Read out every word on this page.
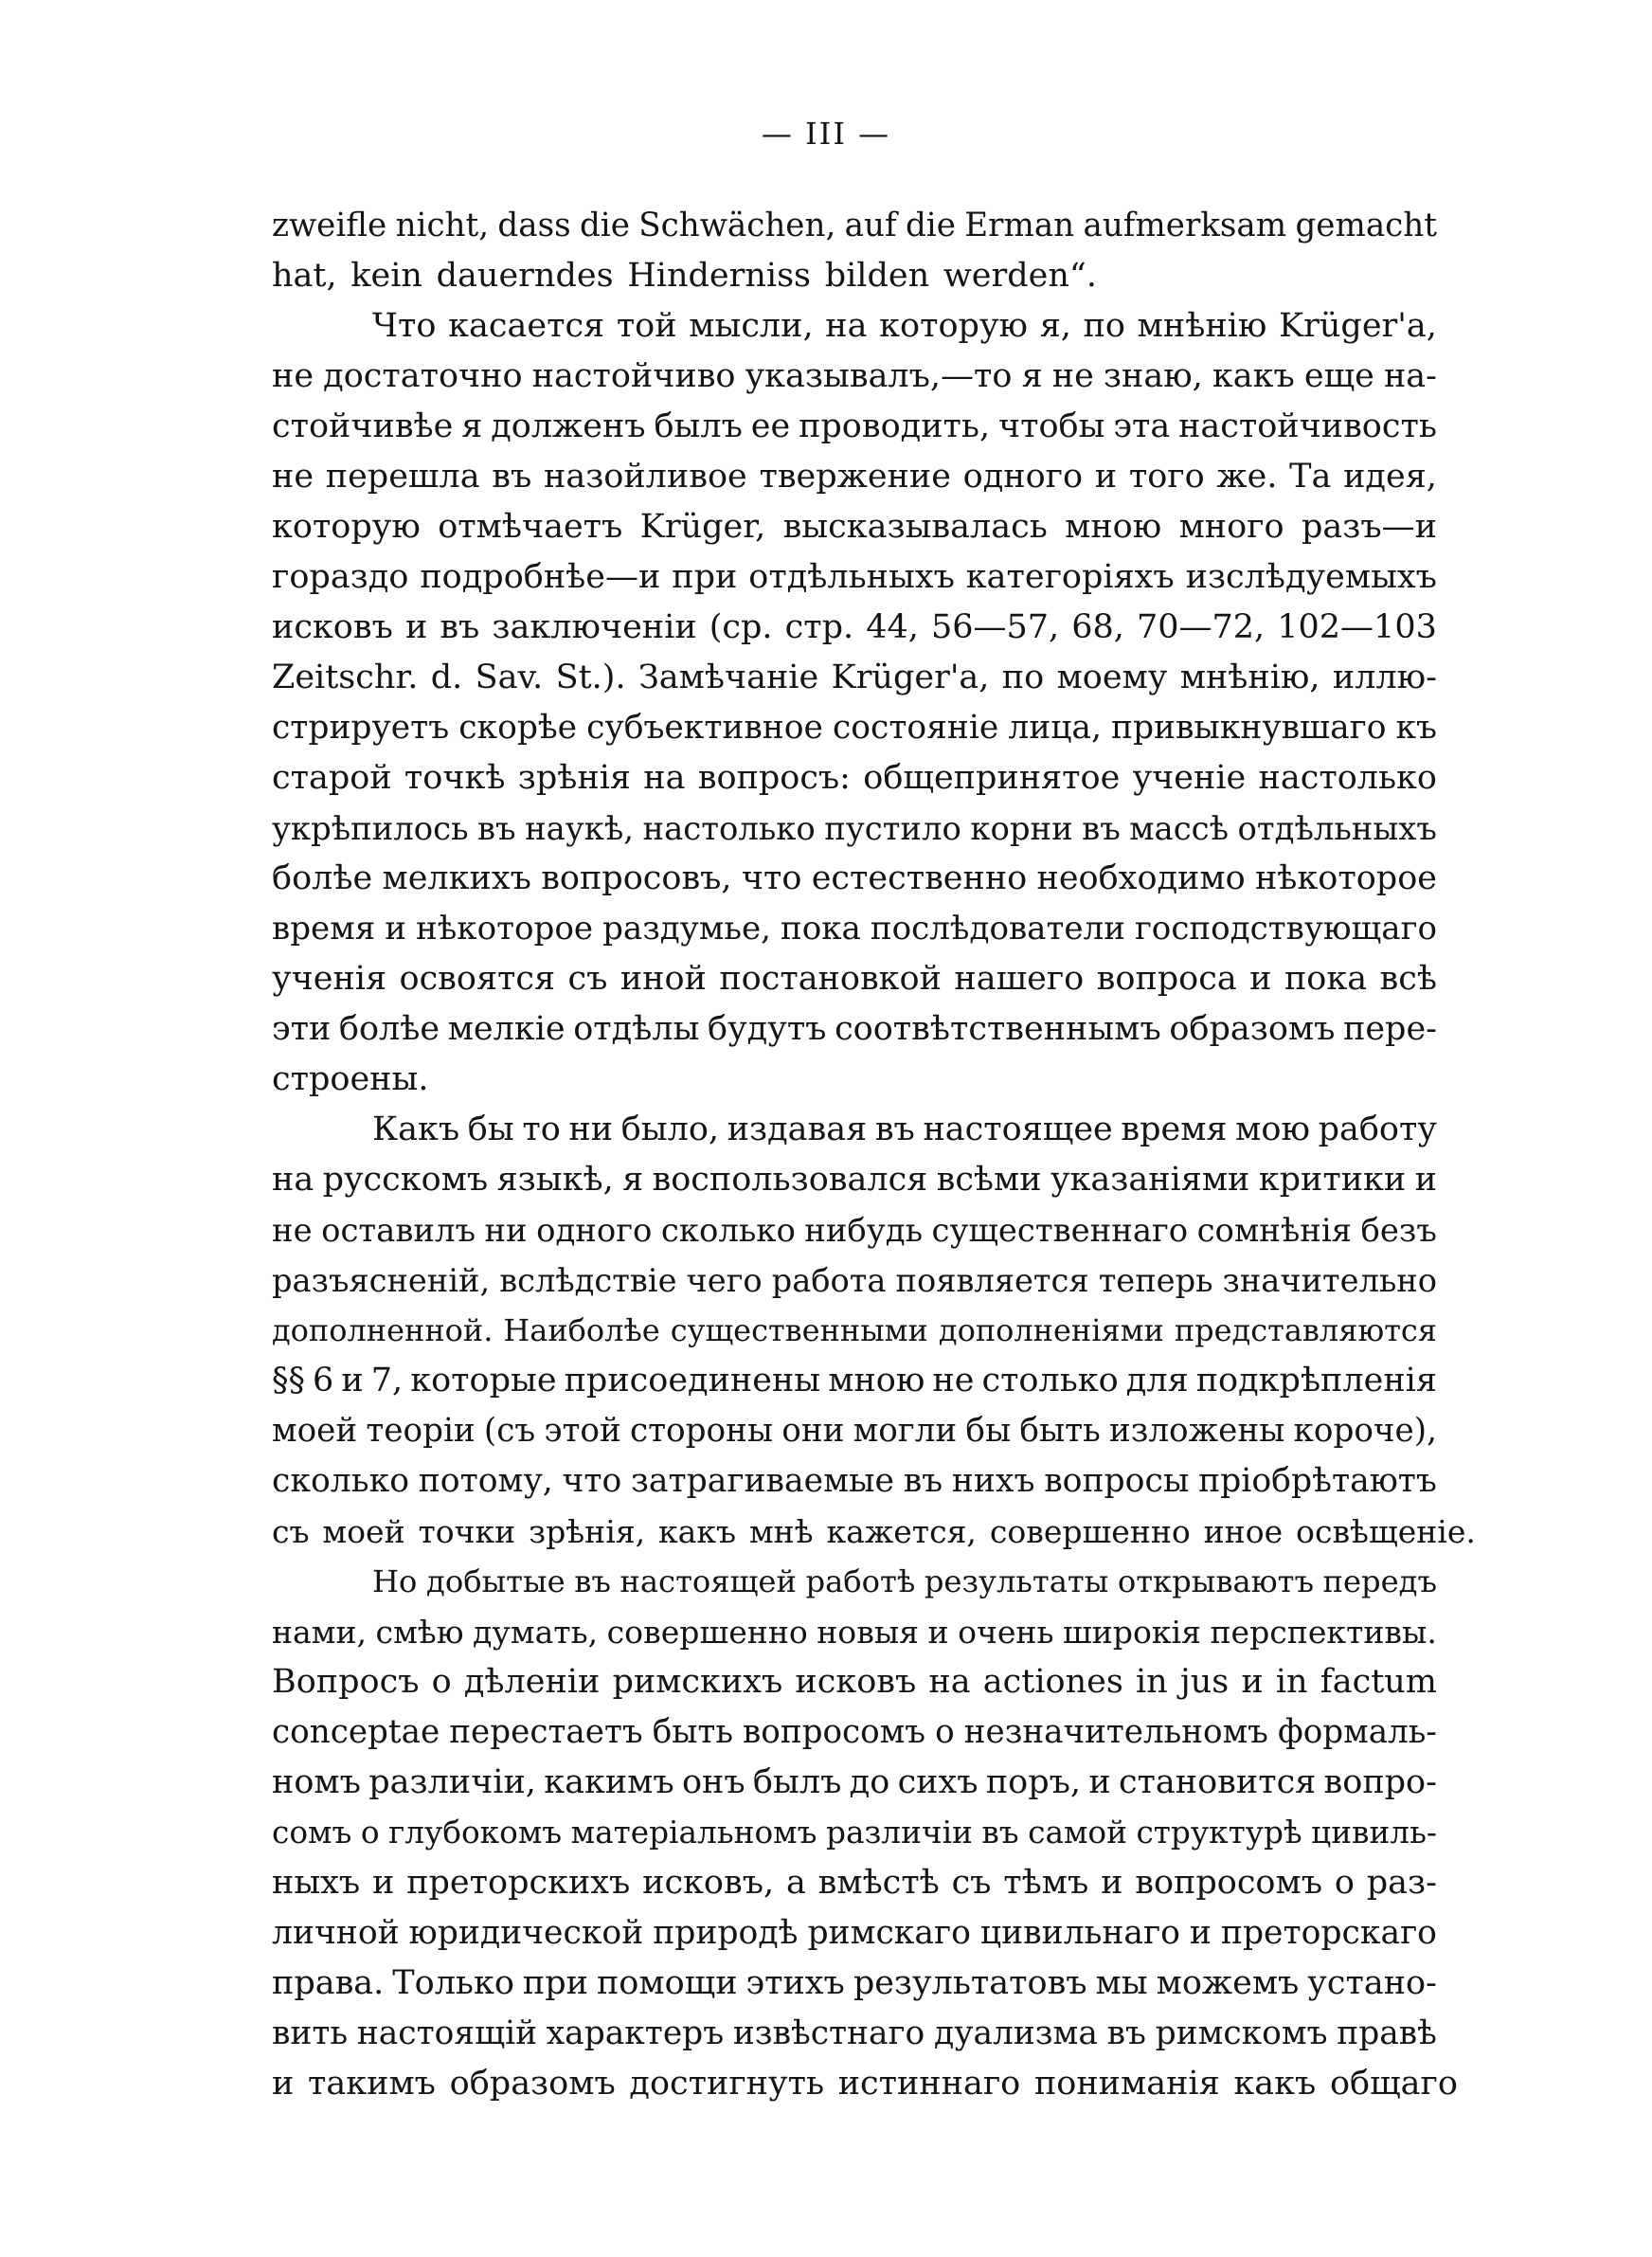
— III —
zweifle nicht, dass die Schwächen, auf die Erman aufmerksam gemacht
hat, kein dauerndes Hinderniss bilden werden“.
Что касается той мысли, на которую я, по мнѣнію Krüger'а,
не достаточно настойчиво указывалъ,—то я не знаю, какъ еще на-
стойчивѣе я долженъ былъ ее проводить, чтобы эта настойчивость
не перешла въ назойливое твержение одного и того же. Та идея,
которую отмѣчаетъ Krüger, высказывалась мною много разъ—и
гораздо подробнѣе—и при отдѣльныхъ категоріяхъ изслѣдуемыхъ
исковъ и въ заключеніи (ср. стр. 44, 56—57, 68, 70—72, 102—103
Zeitschr. d. Sav. St.). Замѣчаніе Krüger'а, по моему мнѣнію, иллю-
стрируетъ скорѣе субъективное состояніе лица, привыкнувшаго къ
старой точкѣ зрѣнія на вопросъ: общепринятое ученіе настолько
укрѣпилось въ наукѣ, настолько пустило корни въ массѣ отдѣльныхъ
болѣе мелкихъ вопросовъ, что естественно необходимо нѣкоторое
время и нѣкоторое раздумье, пока послѣдователи господствующаго
ученія освоятся съ иной постановкой нашего вопроса и пока всѣ
эти болѣе мелкіе отдѣлы будутъ соотвѣтственнымъ образомъ пере-
строены.
Какъ бы то ни было, издавая въ настоящее время мою работу
на русскомъ языкѣ, я воспользовался всѣми указаніями критики и
не оставилъ ни одного сколько нибудь существеннаго сомнѣнія безъ
разъясненій, вслѣдствіе чего работа появляется теперь значительно
дополненной. Наиболѣе существенными дополненіями представляются
§§ 6 и 7, которые присоединены мною не столько для подкрѣпленія
моей теоріи (съ этой стороны они могли бы быть изложены короче),
сколько потому, что затрагиваемые въ нихъ вопросы пріобрѣтаютъ
съ моей точки зрѣнія, какъ мнѣ кажется, совершенно иное освѣщеніе.
Но добытые въ настоящей работѣ результаты открываютъ передъ
нами, смѣю думать, совершенно новыя и очень широкія перспективы.
Вопросъ о дѣленіи римскихъ исковъ на actiones in jus и in factum
conceptae перестаетъ быть вопросомъ о незначительномъ формаль-
номъ различіи, какимъ онъ былъ до сихъ поръ, и становится вопро-
сомъ о глубокомъ матеріальномъ различіи въ самой структурѣ цивиль-
ныхъ и преторскихъ исковъ, а вмѣстѣ съ тѣмъ и вопросомъ о раз-
личной юридической природѣ римскаго цивильнаго и преторскаго
права. Только при помощи этихъ результатовъ мы можемъ устано-
вить настоящій характеръ извѣстнаго дуализма въ римскомъ правѣ
и такимъ образомъ достигнуть истиннаго пониманія какъ общаго
